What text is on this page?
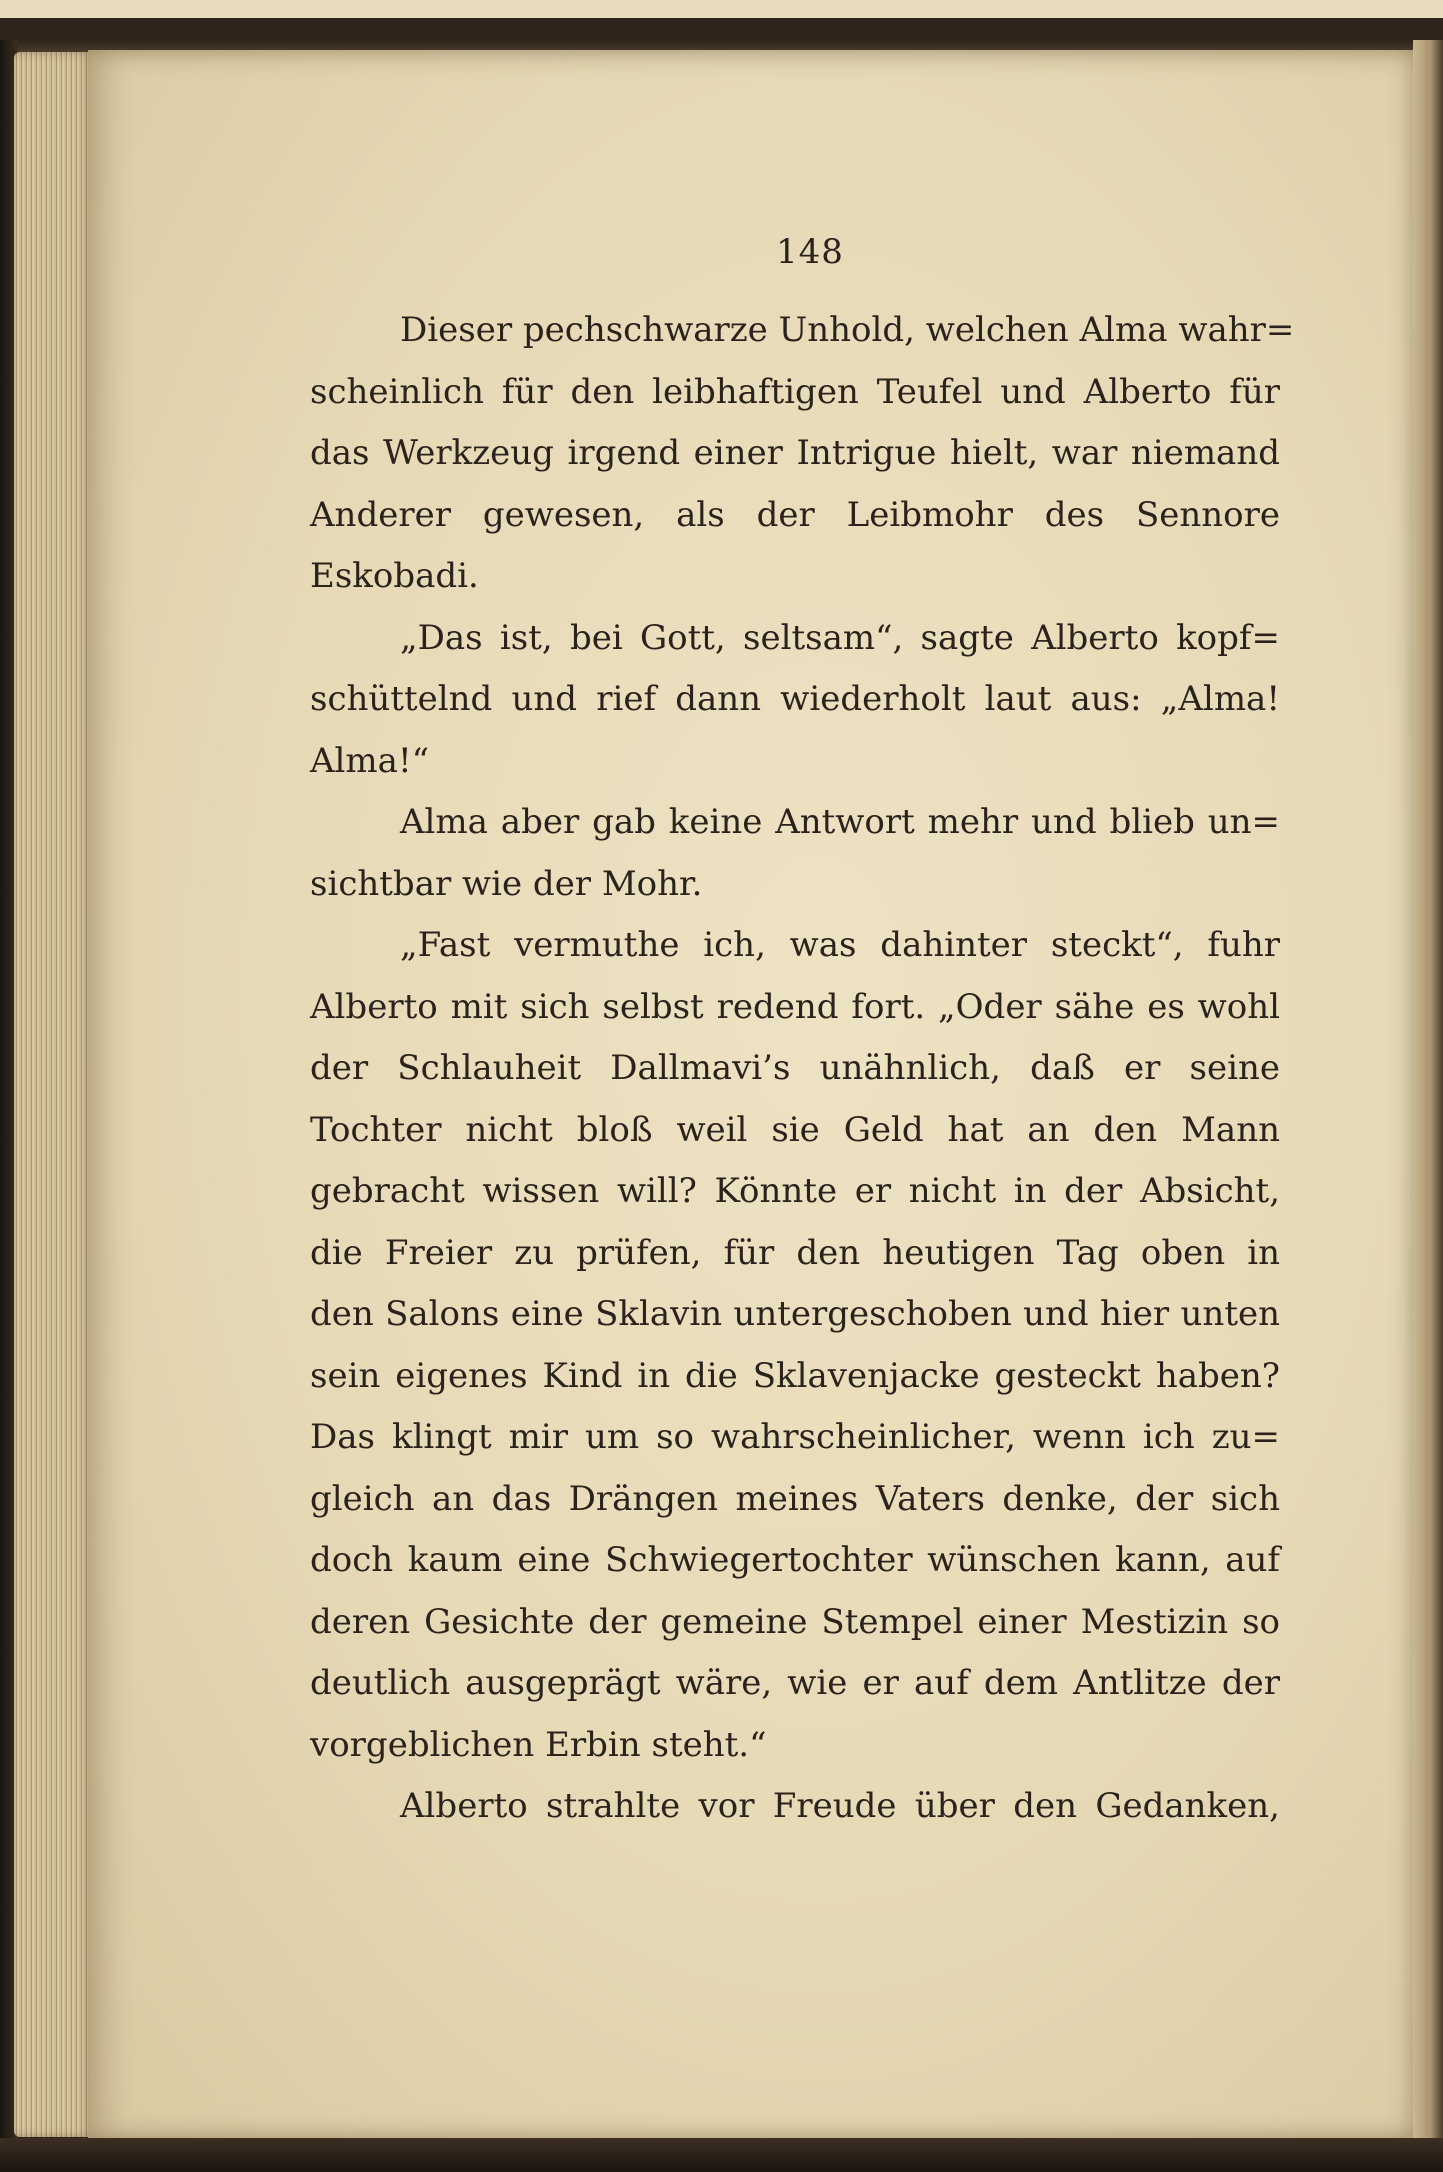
148
Dieser pechschwarze Unhold, welchen Alma wahr=
scheinlich für den leibhaftigen Teufel und Alberto für
das Werkzeug irgend einer Intrigue hielt, war niemand
Anderer gewesen, als der Leibmohr des Sennore
Eskobadi.
„Das ist, bei Gott, seltsam“, sagte Alberto kopf=
schüttelnd und rief dann wiederholt laut aus: „Alma!
Alma!“
Alma aber gab keine Antwort mehr und blieb un=
sichtbar wie der Mohr.
„Fast vermuthe ich, was dahinter steckt“, fuhr
Alberto mit sich selbst redend fort. „Oder sähe es wohl
der Schlauheit Dallmavi’s unähnlich, daß er seine
Tochter nicht bloß weil sie Geld hat an den Mann
gebracht wissen will? Könnte er nicht in der Absicht,
die Freier zu prüfen, für den heutigen Tag oben in
den Salons eine Sklavin untergeschoben und hier unten
sein eigenes Kind in die Sklavenjacke gesteckt haben?
Das klingt mir um so wahrscheinlicher, wenn ich zu=
gleich an das Drängen meines Vaters denke, der sich
doch kaum eine Schwiegertochter wünschen kann, auf
deren Gesichte der gemeine Stempel einer Mestizin so
deutlich ausgeprägt wäre, wie er auf dem Antlitze der
vorgeblichen Erbin steht.“
Alberto strahlte vor Freude über den Gedanken,
